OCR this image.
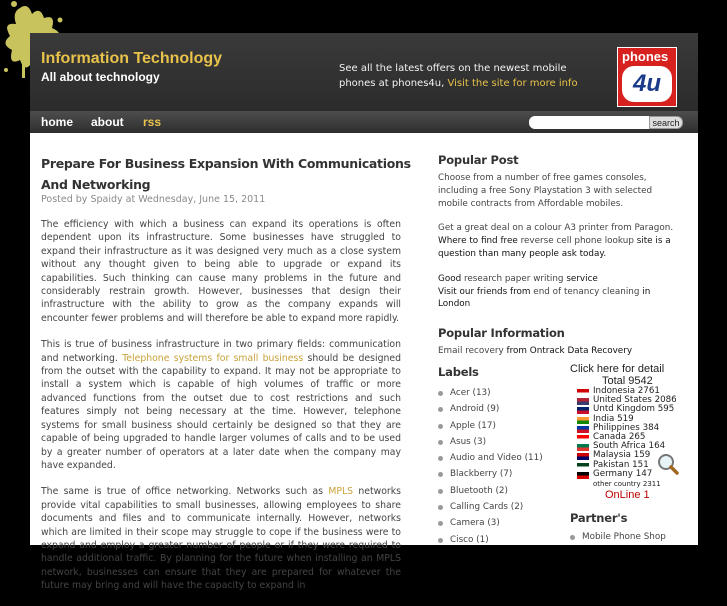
Information Technology
All about technology
See all the latest offers on the newest mobile phones at phones4u, Visit the site for more info
phones
4u
home about rss	search
Prepare For Business Expansion With Communications And Networking
Posted by Spaidy at Wednesday, June 15, 2011

The efficiency with which a business can expand its operations is often dependent upon its infrastructure. Some businesses have struggled to expand their infrastructure as it was designed very much as a close system without any thought given to being able to upgrade or expand its capabilities. Such thinking can cause many problems in the future and considerably restrain growth. However, businesses that design their infrastructure with the ability to grow as the company expands will encounter fewer problems and will therefore be able to expand more rapidly.

This is true of business infrastructure in two primary fields: communication and networking. Telephone systems for small business should be designed from the outset with the capability to expand. It may not be appropriate to install a system which is capable of high volumes of traffic or more advanced functions from the outset due to cost restrictions and such features simply not being necessary at the time. However, telephone systems for small business should certainly be designed so that they are capable of being upgraded to handle larger volumes of calls and to be used by a greater number of operators at a later date when the company may have expanded.

The same is true of office networking. Networks such as MPLS networks provide vital capabilities to small businesses, allowing employees to share documents and files and to communicate internally. However, networks which are limited in their scope may struggle to cope if the business were to expand and employ a greater number of people or if they were required to handle additional traffic. By planning for the future when installing an MPLS network, businesses can ensure that they are prepared for whatever the future may bring and will have the capacity to expand in

Popular Post
Choose from a number of free games consoles, including a free Sony Playstation 3 with selected mobile contracts from Affordable mobiles.
Get a great deal on a colour A3 printer from Paragon.
Where to find free reverse cell phone lookup site is a question than many people ask today.
Good research paper writing service
Visit our friends from end of tenancy cleaning in London
Popular Information
Email recovery from Ontrack Data Recovery
Labels
Acer (13)
Android (9)
Apple (17)
Asus (3)
Audio and Video (11)
Blackberry (7)
Bluetooth (2)
Calling Cards (2)
Camera (3)
Cisco (1)
Click here for detail
Total 9542
Indonesia 2761
United States 2086
Untd Kingdom 595
India 519
Philippines 384
Canada 265
South Africa 164
Malaysia 159
Pakistan 151
Germany 147
other country 2311
OnLine 1
Partner's
Mobile Phone Shop
